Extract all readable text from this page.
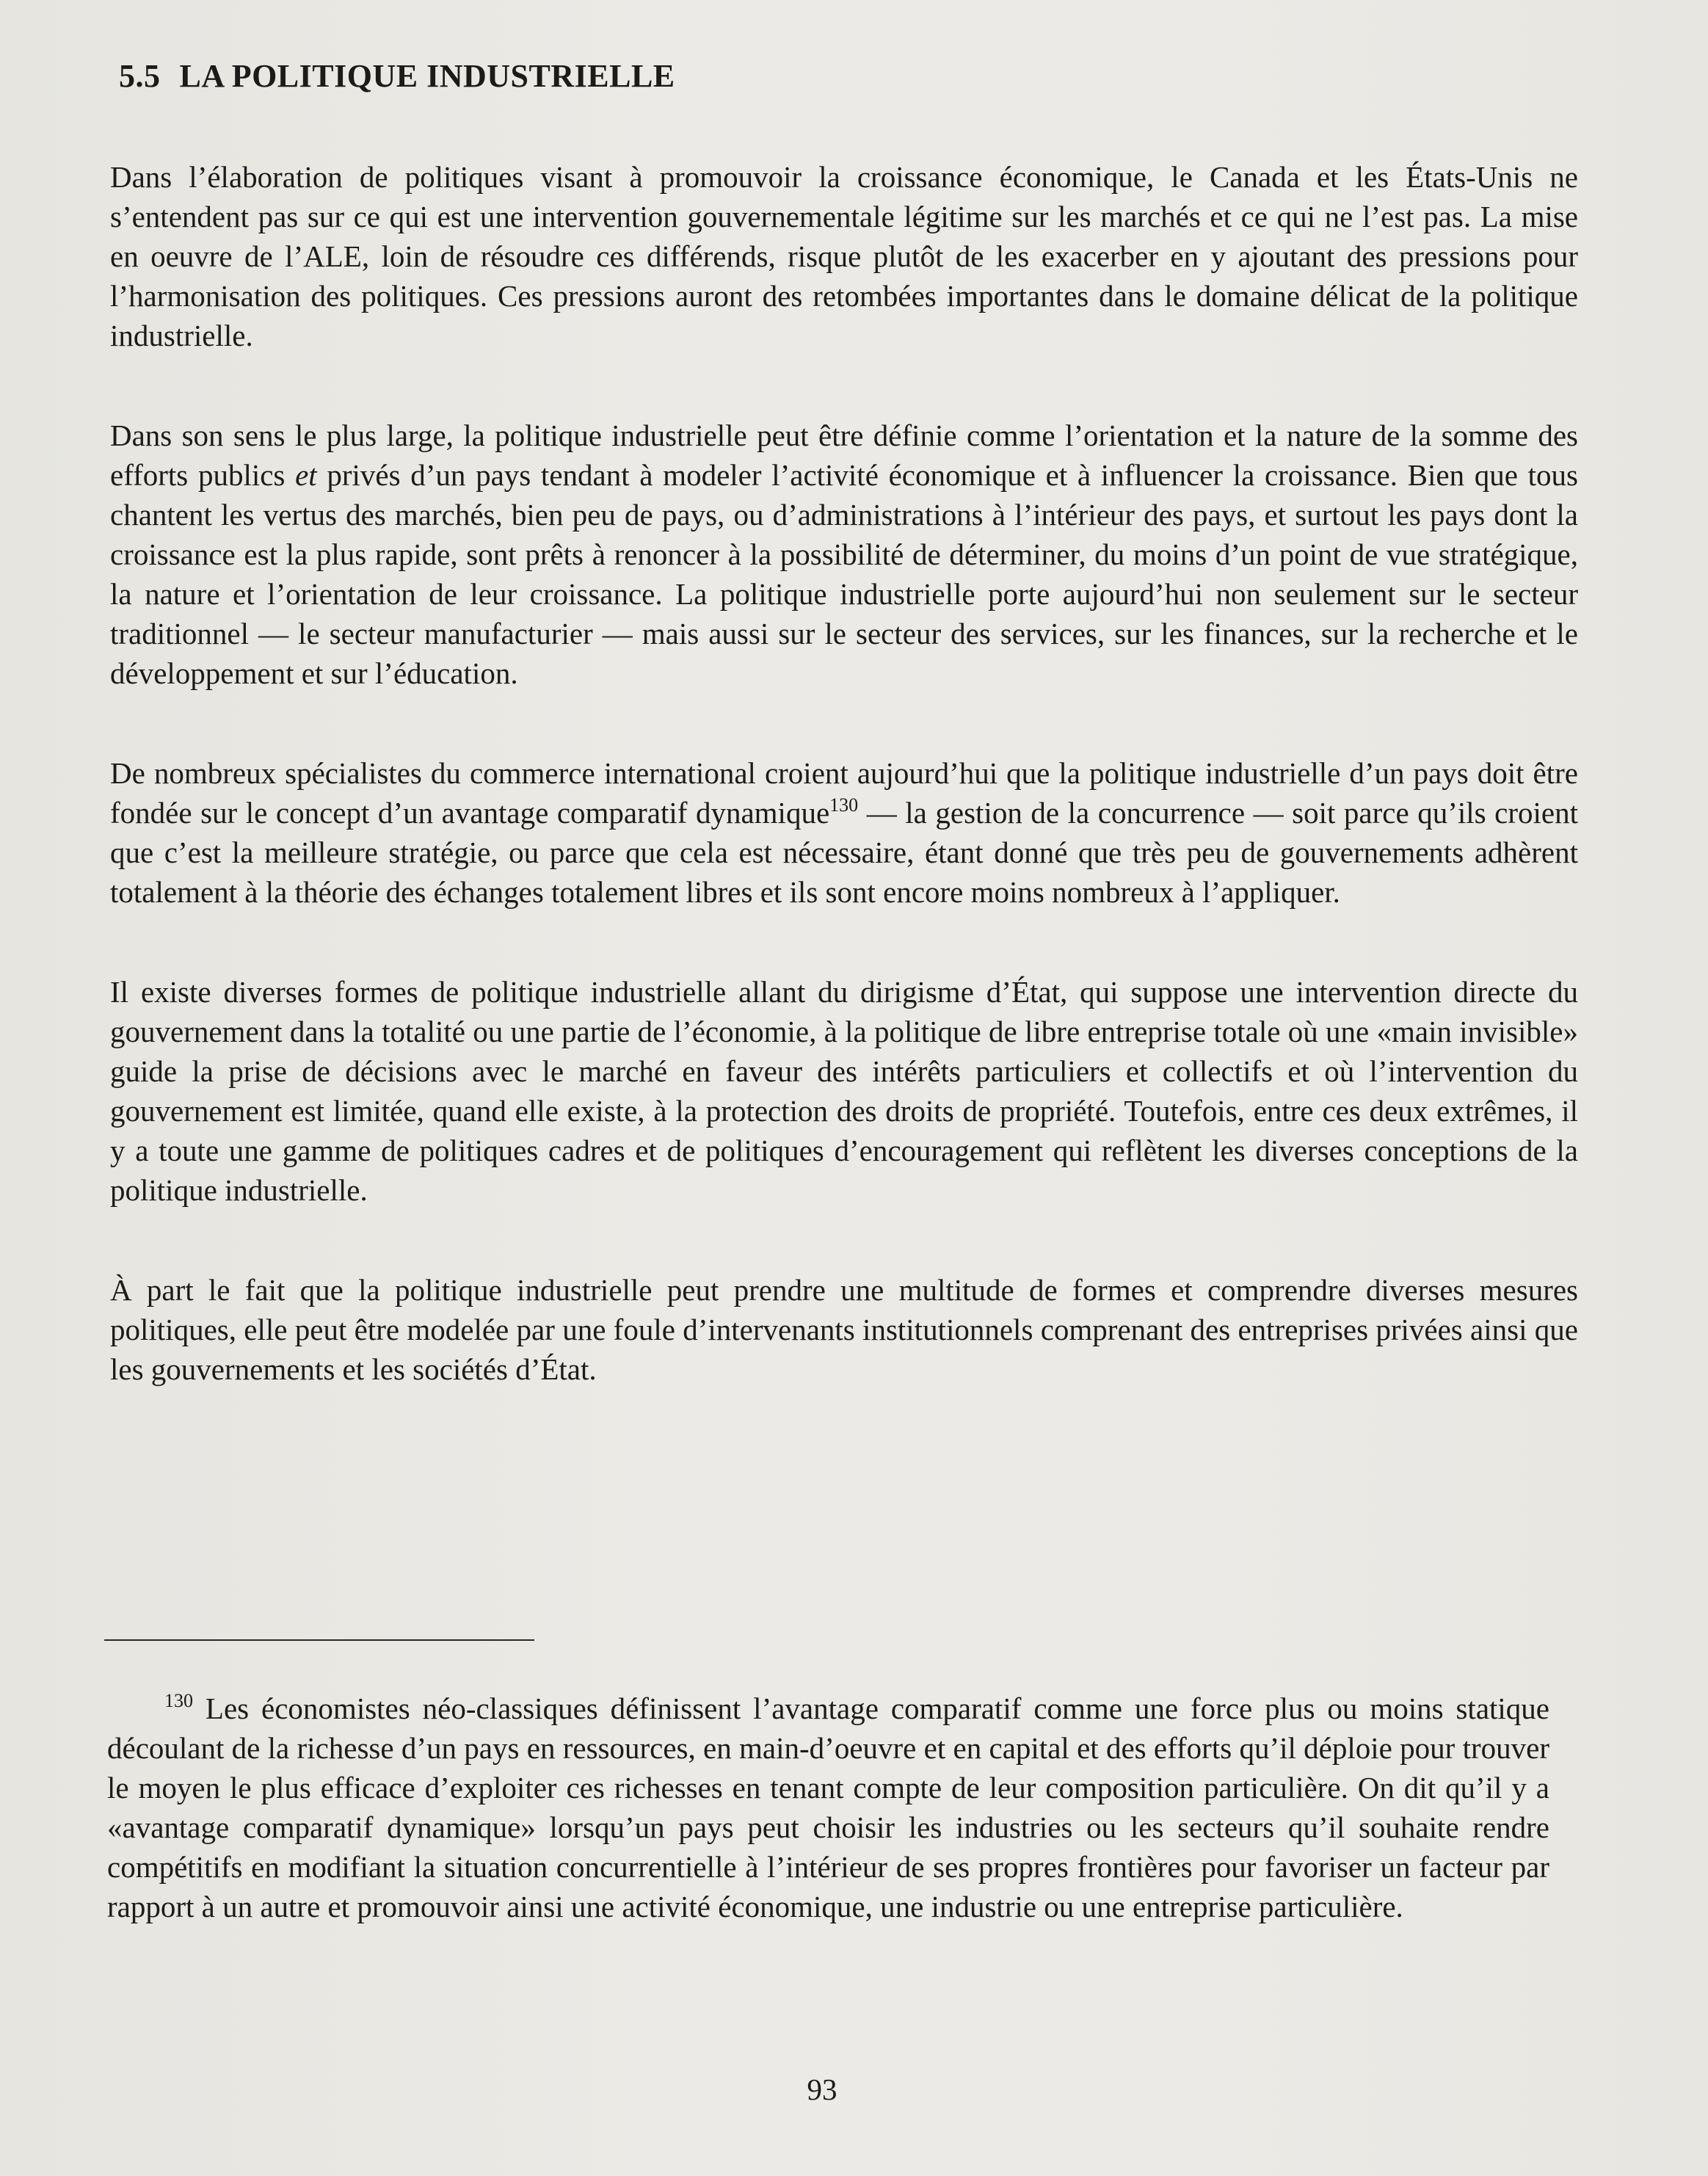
5.5 LA POLITIQUE INDUSTRIELLE

Dans l’élaboration de politiques visant à promouvoir la croissance économique, le Canada et les États-Unis ne s’entendent pas sur ce qui est une intervention gouvernementale légitime sur les marchés et ce qui ne l’est pas. La mise en oeuvre de l’ALE, loin de résoudre ces différends, risque plutôt de les exacerber en y ajoutant des pressions pour l’harmonisation des politiques. Ces pressions auront des retombées importantes dans le domaine délicat de la politique industrielle.

Dans son sens le plus large, la politique industrielle peut être définie comme l’orientation et la nature de la somme des efforts publics et privés d’un pays tendant à modeler l’activité économique et à influencer la croissance. Bien que tous chantent les vertus des marchés, bien peu de pays, ou d’administrations à l’intérieur des pays, et surtout les pays dont la croissance est la plus rapide, sont prêts à renoncer à la possibilité de déterminer, du moins d’un point de vue stratégique, la nature et l’orientation de leur croissance. La politique industrielle porte aujourd’hui non seulement sur le secteur traditionnel — le secteur manufacturier — mais aussi sur le secteur des services, sur les finances, sur la recherche et le développement et sur l’éducation.

De nombreux spécialistes du commerce international croient aujourd’hui que la politique industrielle d’un pays doit être fondée sur le concept d’un avantage comparatif dynamique$^{130}$ — la gestion de la concurrence — soit parce qu’ils croient que c’est la meilleure stratégie, ou parce que cela est nécessaire, étant donné que très peu de gouvernements adhèrent totalement à la théorie des échanges totalement libres et ils sont encore moins nombreux à l’appliquer.

Il existe diverses formes de politique industrielle allant du dirigisme d’État, qui suppose une intervention directe du gouvernement dans la totalité ou une partie de l’économie, à la politique de libre entreprise totale où une «main invisible» guide la prise de décisions avec le marché en faveur des intérêts particuliers et collectifs et où l’intervention du gouvernement est limitée, quand elle existe, à la protection des droits de propriété. Toutefois, entre ces deux extrêmes, il y a toute une gamme de politiques cadres et de politiques d’encouragement qui reflètent les diverses conceptions de la politique industrielle.

À part le fait que la politique industrielle peut prendre une multitude de formes et comprendre diverses mesures politiques, elle peut être modelée par une foule d’intervenants institutionnels comprenant des entreprises privées ainsi que les gouvernements et les sociétés d’État.

$^{130}$ Les économistes néo-classiques définissent l’avantage comparatif comme une force plus ou moins statique découlant de la richesse d’un pays en ressources, en main-d’oeuvre et en capital et des efforts qu’il déploie pour trouver le moyen le plus efficace d’exploiter ces richesses en tenant compte de leur composition particulière. On dit qu’il y a «avantage comparatif dynamique» lorsqu’un pays peut choisir les industries ou les secteurs qu’il souhaite rendre compétitifs en modifiant la situation concurrentielle à l’intérieur de ses propres frontières pour favoriser un facteur par rapport à un autre et promouvoir ainsi une activité économique, une industrie ou une entreprise particulière.

93
